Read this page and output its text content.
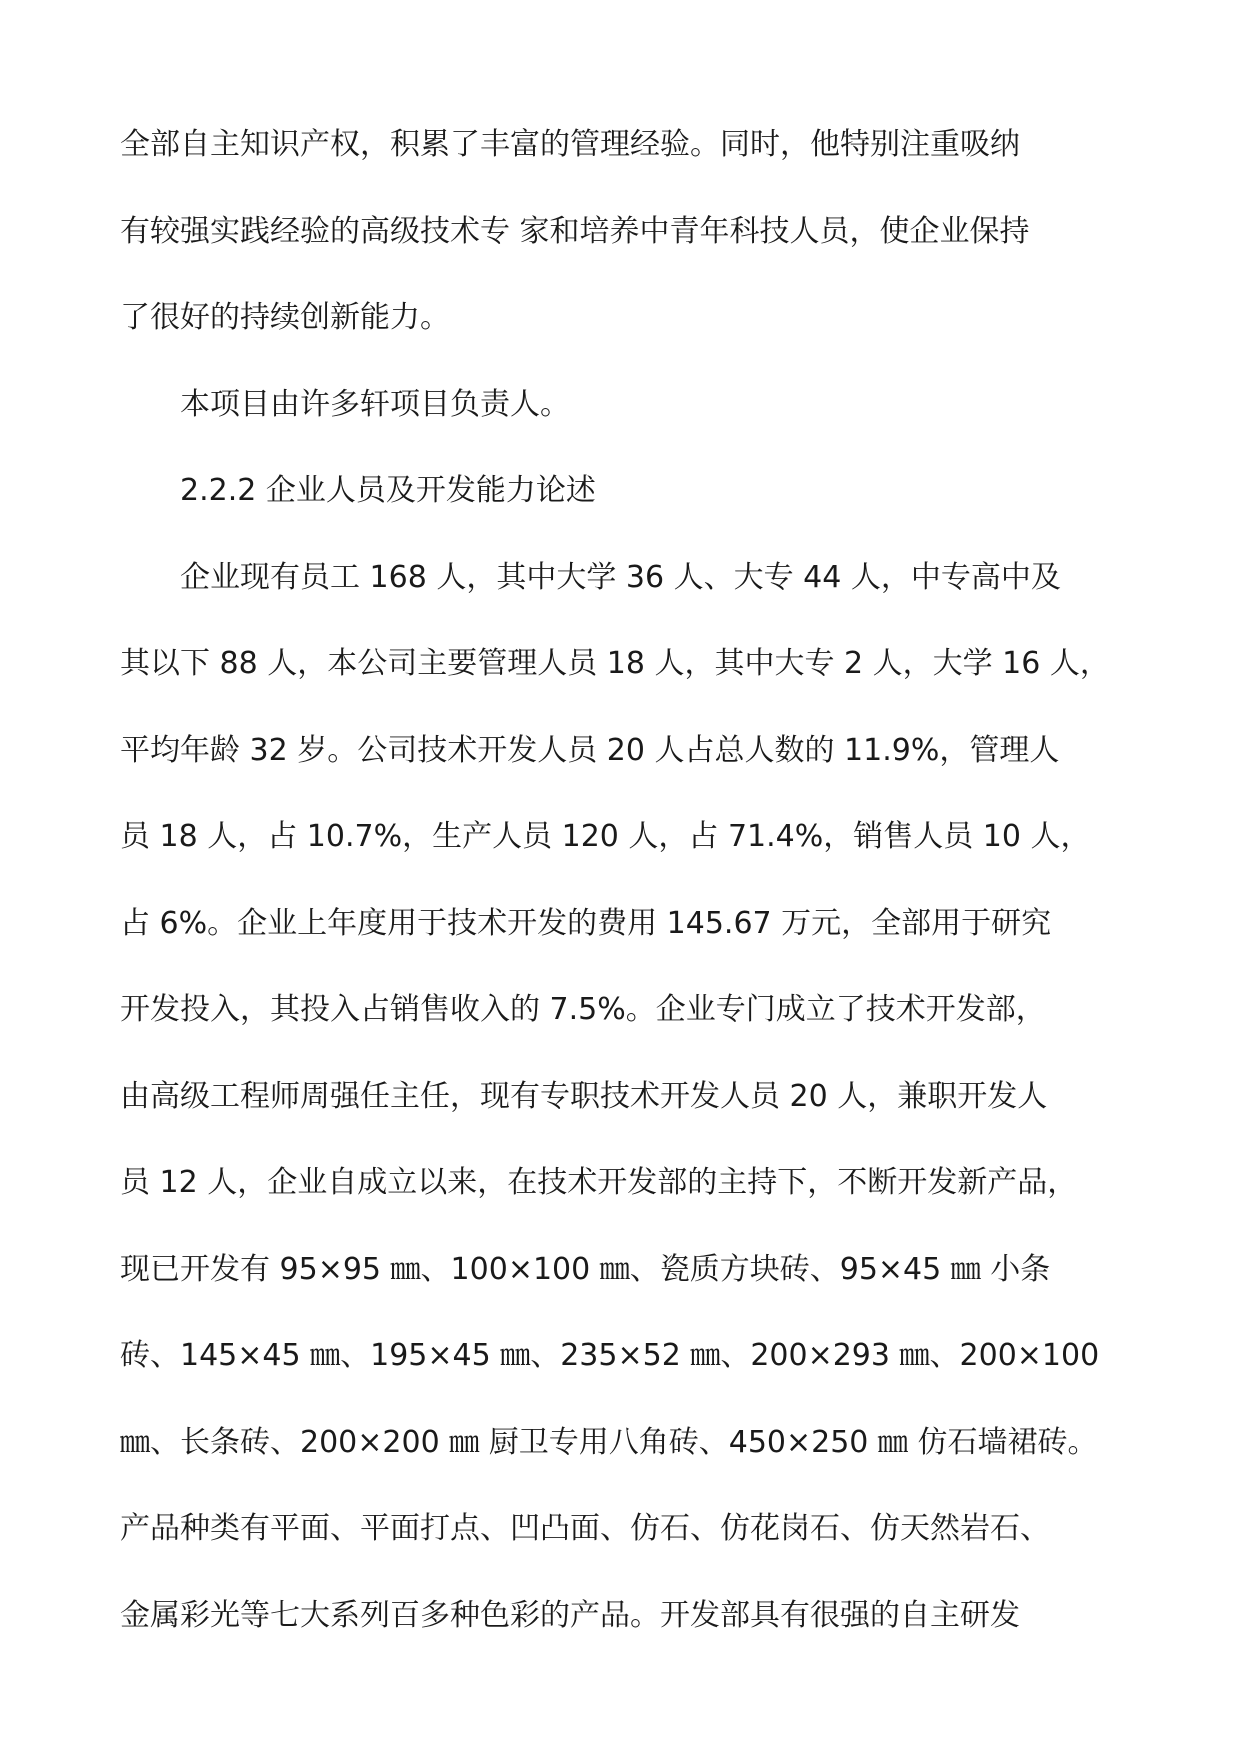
全部自主知识产权，积累了丰富的管理经验。同时，他特别注重吸纳
有较强实践经验的高级技术专 家和培养中青年科技人员，使企业保持
了很好的持续创新能力。
本项目由许多轩项目负责人。
2.2.2 企业人员及开发能力论述
企业现有员工 168 人，其中大学 36 人、大专 44 人，中专高中及
其以下 88 人，本公司主要管理人员 18 人，其中大专 2 人，大学 16 人，
平均年龄 32 岁。公司技术开发人员 20 人占总人数的 11.9%，管理人
员 18 人，占 10.7%，生产人员 120 人，占 71.4%，销售人员 10 人，
占 6%。企业上年度用于技术开发的费用 145.67 万元，全部用于研究
开发投入，其投入占销售收入的 7.5%。企业专门成立了技术开发部，
由高级工程师周强任主任，现有专职技术开发人员 20 人，兼职开发人
员 12 人，企业自成立以来，在技术开发部的主持下，不断开发新产品，
现已开发有 95×95 ㎜、100×100 ㎜、瓷质方块砖、95×45 ㎜ 小条
砖、145×45 ㎜、195×45 ㎜、235×52 ㎜、200×293 ㎜、200×100
㎜、长条砖、200×200 ㎜ 厨卫专用八角砖、450×250 ㎜ 仿石墙裙砖。
产品种类有平面、平面打点、凹凸面、仿石、仿花岗石、仿天然岩石、
金属彩光等七大系列百多种色彩的产品。开发部具有很强的自主研发
